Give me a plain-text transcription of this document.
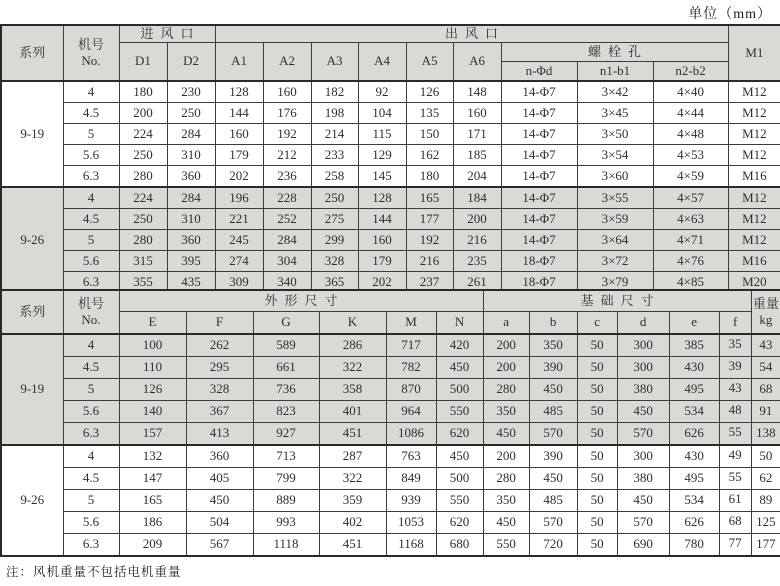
单位（mm）
系列	机号
No.	进风口		出风口									M1
		D1	D2	A1	A2	A3	A4	A5	A6	螺栓孔			
										n-Φd	n1-b1	n2-b2	
9-19	4	180	230	128	160	182	92	126	148	14-Φ7	3×42	4×40	M12
	4.5	200	250	144	176	198	104	135	160	14-Φ7	3×45	4×44	M12
	5	224	284	160	192	214	115	150	171	14-Φ7	3×50	4×48	M12
	5.6	250	310	179	212	233	129	162	185	14-Φ7	3×54	4×53	M12
	6.3	280	360	202	236	258	145	180	204	14-Φ7	3×60	4×59	M16
9-26	4	224	284	196	228	250	128	165	184	14-Φ7	3×55	4×57	M12
	4.5	250	310	221	252	275	144	177	200	14-Φ7	3×59	4×63	M12
	5	280	360	245	284	299	160	192	216	14-Φ7	3×64	4×71	M12
	5.6	315	395	274	304	328	179	216	235	18-Φ7	3×72	4×76	M16
	6.3	355	435	309	340	365	202	237	261	18-Φ7	3×79	4×85	M20
系列	机号
No.	外形尺寸						基础尺寸						重量
kg

		E	F	G	K	M	N	a	b	c	d	e	f	
9-19	4	100	262	589	286	717	420	200	350	50	300	385	35	43
	4.5	110	295	661	322	782	450	200	390	50	300	430	39	54
	5	126	328	736	358	870	500	280	450	50	380	495	43	68
	5.6	140	367	823	401	964	550	350	485	50	450	534	48	91
	6.3	157	413	927	451	1086	620	450	570	50	570	626	55	138
9-26	4	132	360	713	287	763	450	200	390	50	300	430	49	50
	4.5	147	405	799	322	849	500	280	450	50	380	495	55	62
	5	165	450	889	359	939	550	350	485	50	450	534	61	89
	5.6	186	504	993	402	1053	620	450	570	50	570	626	68	125
	6.3	209	567	1118	451	1168	680	550	720	50	690	780	77	177
注：风机重量不包括电机重量
